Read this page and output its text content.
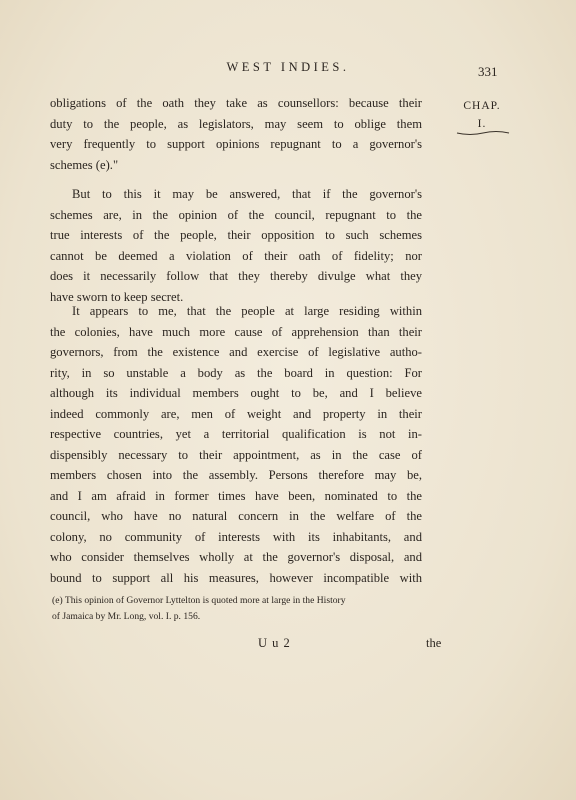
WEST INDIES.	331
CHAP.
I.
obligations of the oath they take as counsellors: because their
duty to the people, as legislators, may seem to oblige them
very frequently to support opinions repugnant to a governor's
schemes (e)."
But to this it may be answered, that if the governor's
schemes are, in the opinion of the council, repugnant to the
true interests of the people, their opposition to such schemes
cannot be deemed a violation of their oath of fidelity; nor
does it necessarily follow that they thereby divulge what they
have sworn to keep secret.
It appears to me, that the people at large residing within
the colonies, have much more cause of apprehension than their
governors, from the existence and exercise of legislative autho-
rity, in so unstable a body as the board in question: For
although its individual members ought to be, and I believe
indeed commonly are, men of weight and property in their
respective countries, yet a territorial qualification is not in-
dispensibly necessary to their appointment, as in the case of
members chosen into the assembly. Persons therefore may be,
and I am afraid in former times have been, nominated to the
council, who have no natural concern in the welfare of the
colony, no community of interests with its inhabitants, and
who consider themselves wholly at the governor's disposal, and
bound to support all his measures, however incompatible with
(e) This opinion of Governor Lyttelton is quoted more at large in the History
of Jamaica by Mr. Long, vol. I. p. 156.
U u 2	the
